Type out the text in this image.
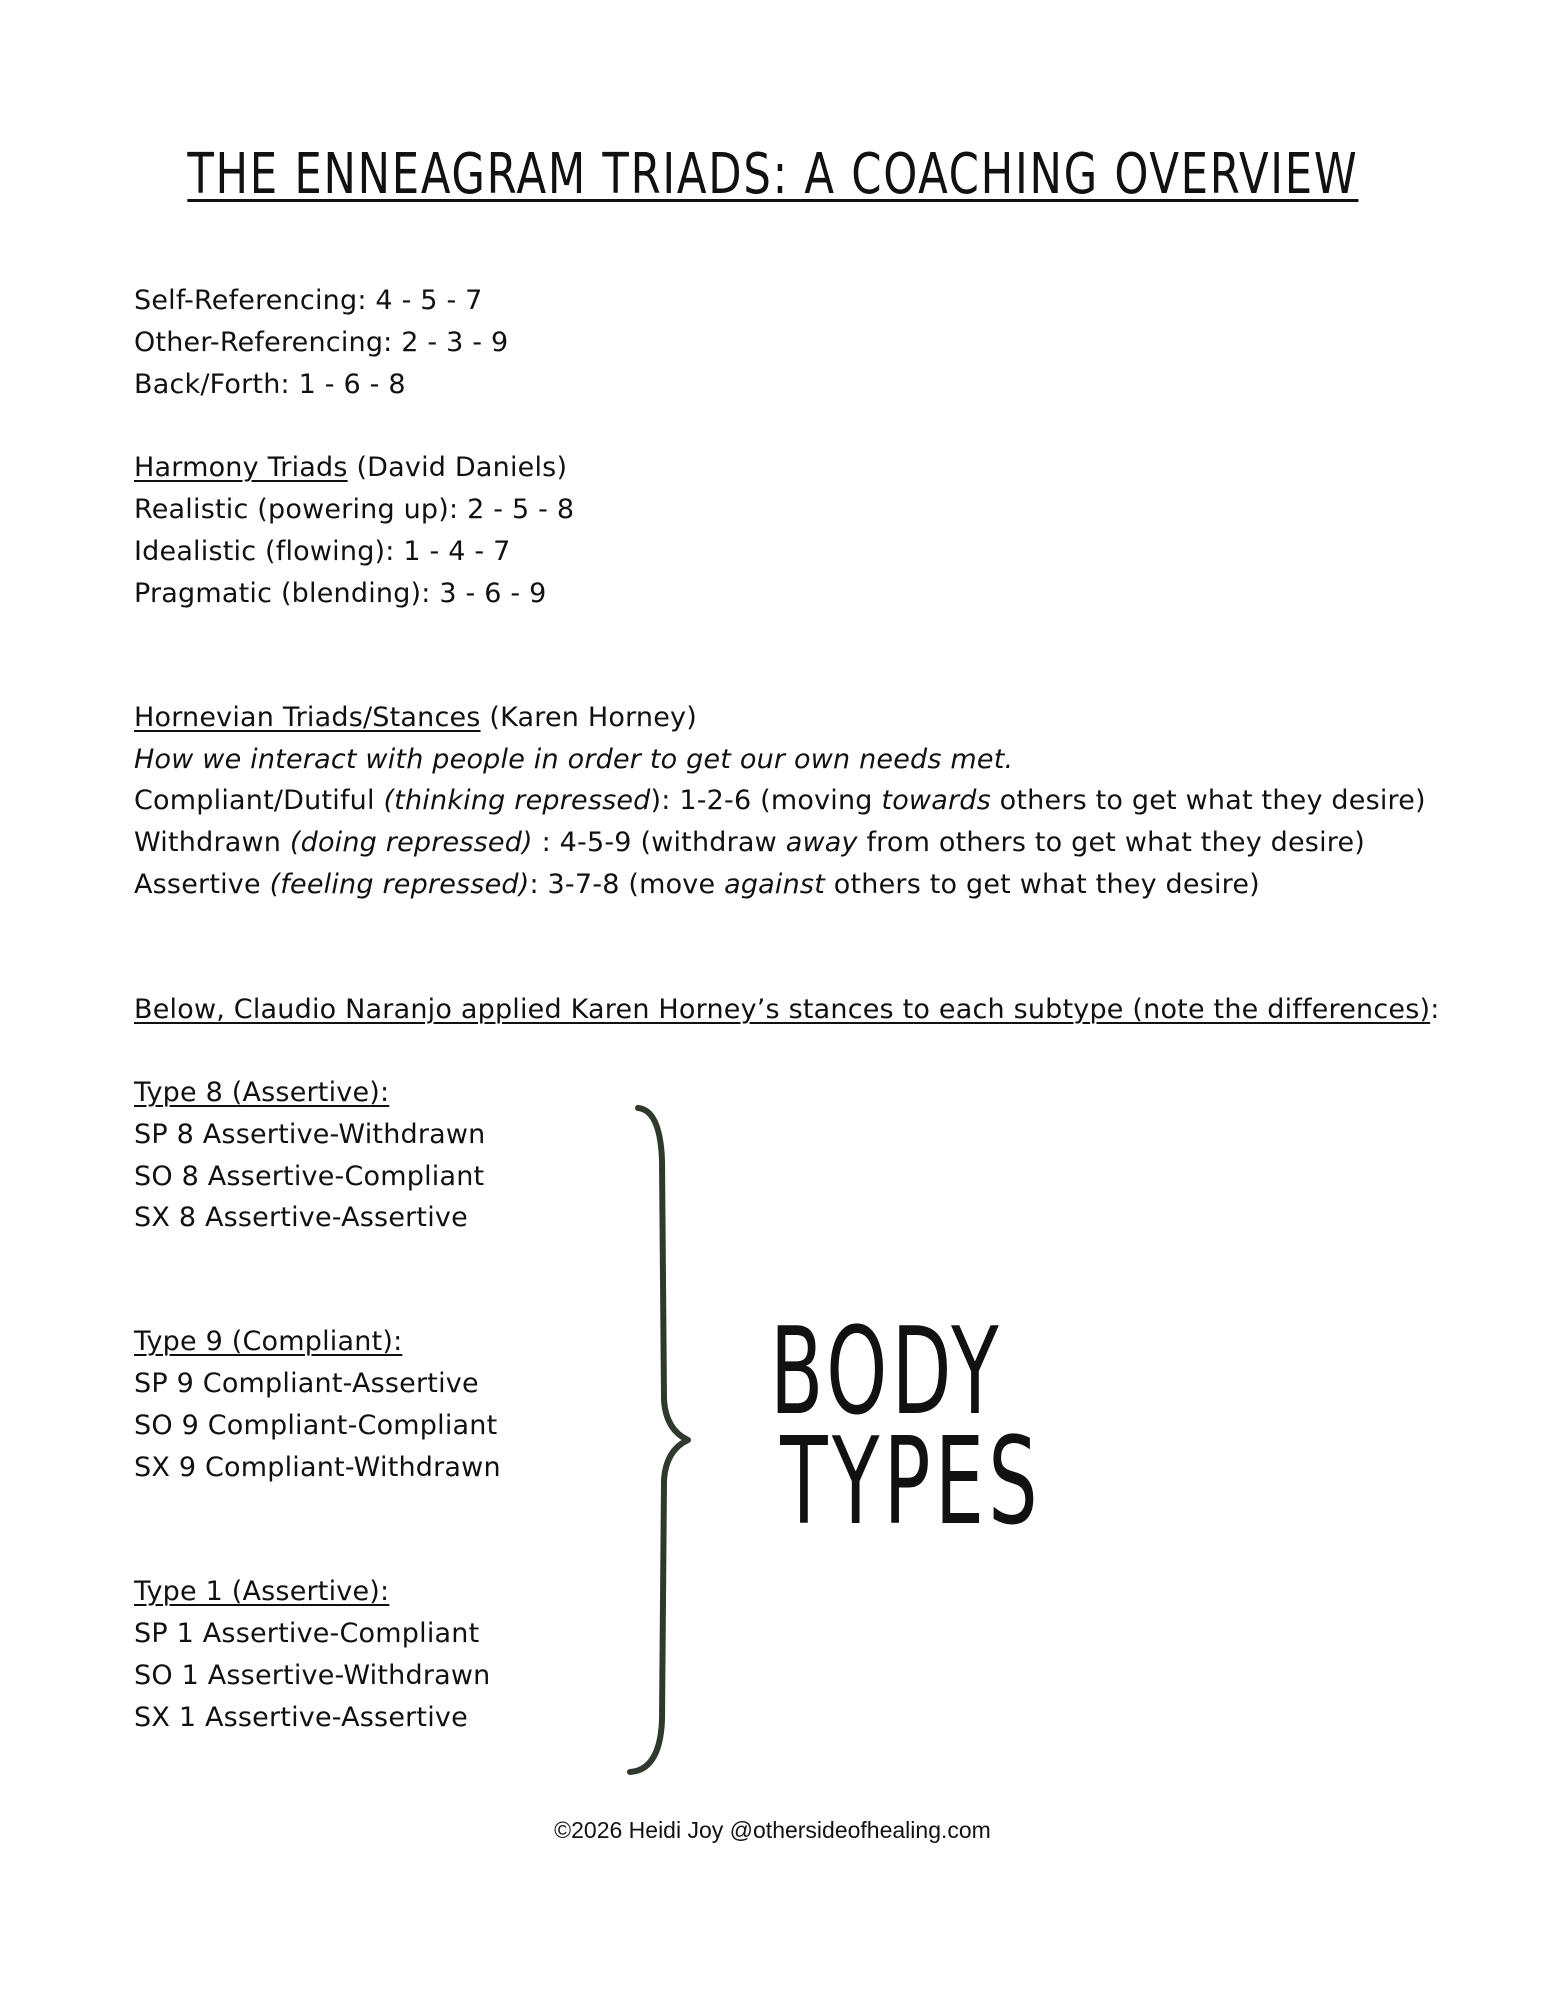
THE ENNEAGRAM TRIADS: A COACHING OVERVIEW
Self-Referencing: 4 - 5 - 7
Other-Referencing: 2 - 3 - 9
Back/Forth: 1 - 6 - 8
Harmony Triads (David Daniels)
Realistic (powering up): 2 - 5 - 8
Idealistic (flowing): 1 - 4 - 7
Pragmatic (blending): 3 - 6 - 9
Hornevian Triads/Stances (Karen Horney)
How we interact with people in order to get our own needs met.
Compliant/Dutiful (thinking repressed): 1-2-6 (moving towards others to get what they desire)
Withdrawn (doing repressed) : 4-5-9 (withdraw away from others to get what they desire)
Assertive (feeling repressed): 3-7-8 (move against others to get what they desire)
Below, Claudio Naranjo applied Karen Horney’s stances to each subtype (note the differences):
Type 8 (Assertive):
SP 8 Assertive-Withdrawn
SO 8 Assertive-Compliant
SX 8 Assertive-Assertive
Type 9 (Compliant):
SP 9 Compliant-Assertive
SO 9 Compliant-Compliant
SX 9 Compliant-Withdrawn
Type 1 (Assertive):
SP 1 Assertive-Compliant
SO 1 Assertive-Withdrawn
SX 1 Assertive-Assertive
BODY
TYPES
©2026 Heidi Joy @othersideofhealing.com
